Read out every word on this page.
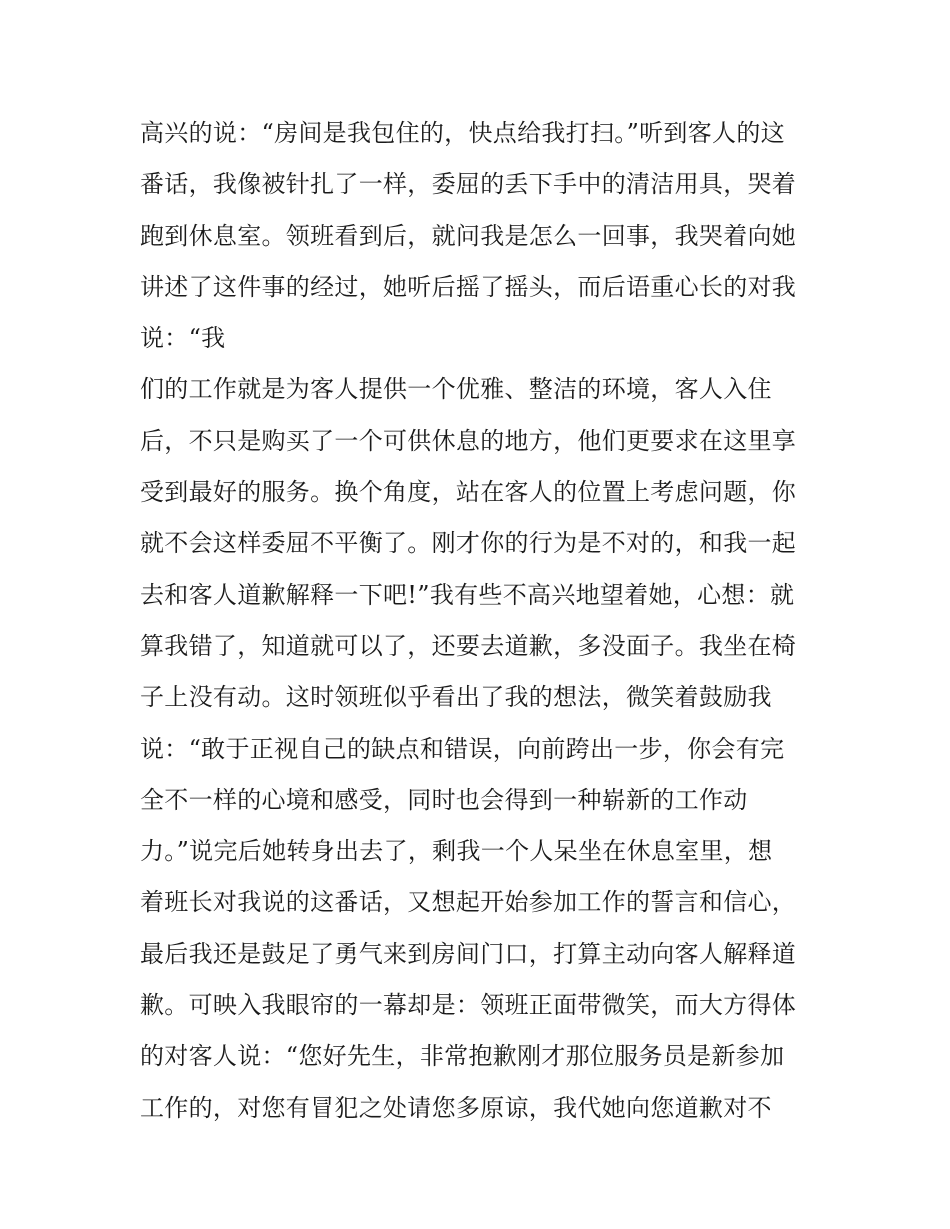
高兴的说：“房间是我包住的，快点给我打扫。”听到客人的这
番话，我像被针扎了一样，委屈的丢下手中的清洁用具，哭着
跑到休息室。领班看到后，就问我是怎么一回事，我哭着向她
讲述了这件事的经过，她听后摇了摇头，而后语重心长的对我
说：“我
们的工作就是为客人提供一个优雅、整洁的环境，客人入住
后，不只是购买了一个可供休息的地方，他们更要求在这里享
受到最好的服务。换个角度，站在客人的位置上考虑问题，你
就不会这样委屈不平衡了。刚才你的行为是不对的，和我一起
去和客人道歉解释一下吧!”我有些不高兴地望着她，心想：就
算我错了，知道就可以了，还要去道歉，多没面子。我坐在椅
子上没有动。这时领班似乎看出了我的想法，微笑着鼓励我
说：“敢于正视自己的缺点和错误，向前跨出一步，你会有完
全不一样的心境和感受，同时也会得到一种崭新的工作动
力。”说完后她转身出去了，剩我一个人呆坐在休息室里，想
着班长对我说的这番话，又想起开始参加工作的誓言和信心，
最后我还是鼓足了勇气来到房间门口，打算主动向客人解释道
歉。可映入我眼帘的一幕却是：领班正面带微笑，而大方得体
的对客人说：“您好先生，非常抱歉刚才那位服务员是新参加
工作的，对您有冒犯之处请您多原谅，我代她向您道歉对不
